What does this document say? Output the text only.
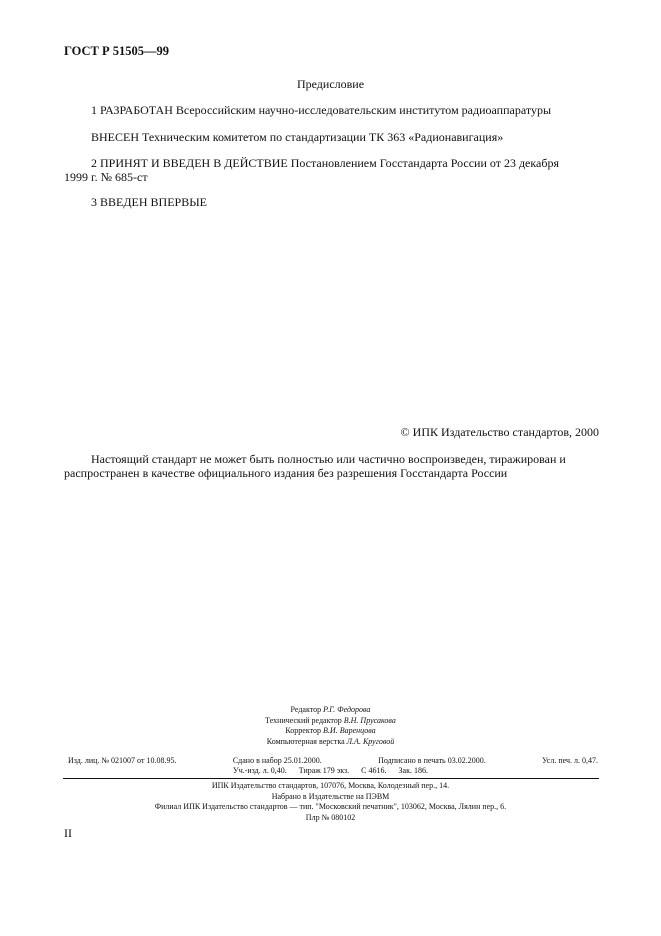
ГОСТ Р 51505—99
Предисловие
1 РАЗРАБОТАН Всероссийским научно-исследовательским институтом радиоаппаратуры
ВНЕСЕН Техническим комитетом по стандартизации ТК 363 «Радионавигация»
2 ПРИНЯТ И ВВЕДЕН В ДЕЙСТВИЕ Постановлением Госстандарта России от 23 декабря
1999 г. № 685-ст
3 ВВЕДЕН ВПЕРВЫЕ
© ИПК Издательство стандартов, 2000
Настоящий стандарт не может быть полностью или частично воспроизведен, тиражирован и
распространен в качестве официального издания без разрешения Госстандарта России
Редактор Р.Г. Федорова
Технический редактор В.Н. Прусакова
Корректор В.И. Варенцова
Компьютерная верстка Л.А. Круговой
Изд. лиц. № 021007 от 10.08.95.	Сдано в набор 25.01.2000.	Подписано в печать 03.02.2000.	Усл. печ. л. 0,47.
Уч.-изд. л. 0,40. Тираж 179 экз. С 4616. Зак. 186.
ИПК Издательство стандартов, 107076, Москва, Колодезный пер., 14.
Набрано в Издательстве на ПЭВМ
Филиал ИПК Издательство стандартов — тип. "Московский печатник", 103062, Москва, Лялин пер., 6.
Плр № 080102
II
